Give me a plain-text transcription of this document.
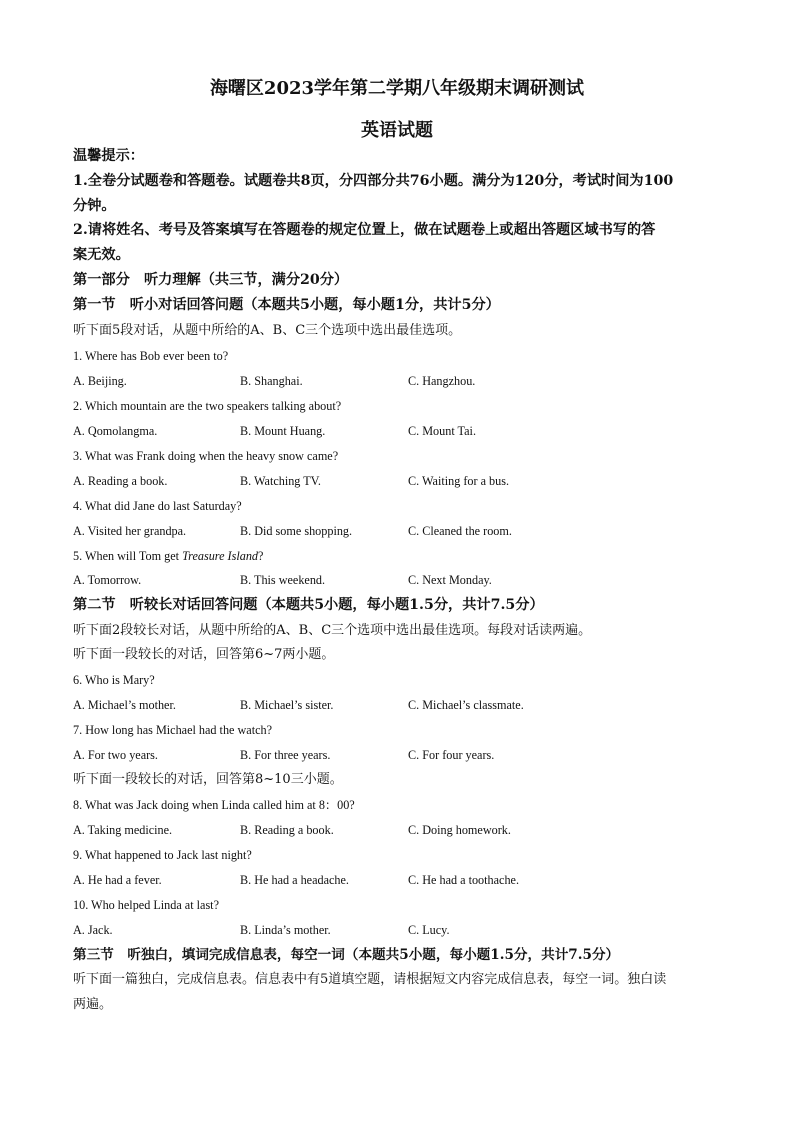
海曙区2023学年第二学期八年级期末调研测试
英语试题
温馨提示：
1.全卷分试题卷和答题卷。试题卷共8页，分四部分共76小题。满分为120分，考试时间为100
分钟。
2.请将姓名、考号及答案填写在答题卷的规定位置上，做在试题卷上或超出答题区域书写的答
案无效。
第一部分　听力理解（共三节，满分20分）
第一节　听小对话回答问题（本题共5小题，每小题1分，共计5分）
听下面5段对话，从题中所给的A、B、C三个选项中选出最佳选项。
1. Where has Bob ever been to?
A. Beijing.	B. Shanghai.	C. Hangzhou.
2. Which mountain are the two speakers talking about?
A. Qomolangma.	B. Mount Huang.	C. Mount Tai.
3. What was Frank doing when the heavy snow came?
A. Reading a book.	B. Watching TV.	C. Waiting for a bus.
4. What did Jane do last Saturday?
A. Visited her grandpa.	B. Did some shopping.	C. Cleaned the room.
5. When will Tom get Treasure Island?
A. Tomorrow.	B. This weekend.	C. Next Monday.
第二节　听较长对话回答问题（本题共5小题，每小题1.5分，共计7.5分）
听下面2段较长对话，从题中所给的A、B、C三个选项中选出最佳选项。每段对话读两遍。
听下面一段较长的对话，回答第6~7两小题。
6. Who is Mary?
A. Michael’s mother.	B. Michael’s sister.	C. Michael’s classmate.
7. How long has Michael had the watch?
A. For two years.	B. For three years.	C. For four years.
听下面一段较长的对话，回答第8~10三小题。
8. What was Jack doing when Linda called him at 8：00?
A. Taking medicine.	B. Reading a book.	C. Doing homework.
9. What happened to Jack last night?
A. He had a fever.	B. He had a headache.	C. He had a toothache.
10. Who helped Linda at last?
A. Jack.	B. Linda’s mother.	C. Lucy.
第三节　听独白，填词完成信息表，每空一词（本题共5小题，每小题1.5分，共计7.5分）
听下面一篇独白，完成信息表。信息表中有5道填空题，请根据短文内容完成信息表，每空一词。独白读
两遍。
